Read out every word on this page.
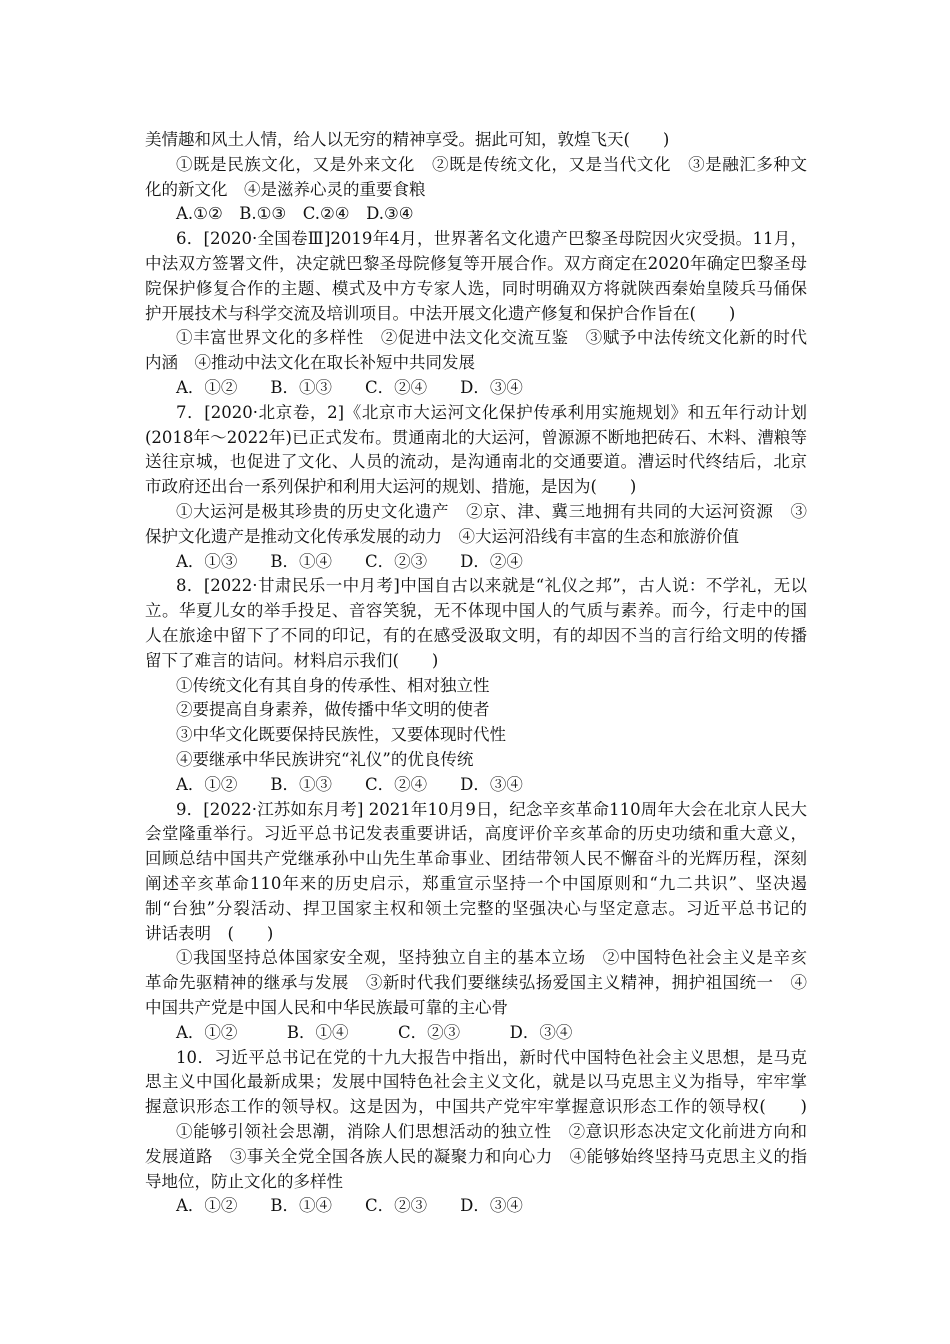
美情趣和风土人情，给人以无穷的精神享受。据此可知，敦煌飞天(　　)
①既是民族文化，又是外来文化　②既是传统文化，又是当代文化　③是融汇多种文
化的新文化　④是滋养心灵的重要食粮
A.①②　B.①③　C.②④　D.③④
6．[2020·全国卷Ⅲ]2019年4月，世界著名文化遗产巴黎圣母院因火灾受损。11月，
中法双方签署文件，决定就巴黎圣母院修复等开展合作。双方商定在2020年确定巴黎圣母
院保护修复合作的主题、模式及中方专家人选，同时明确双方将就陕西秦始皇陵兵马俑保
护开展技术与科学交流及培训项目。中法开展文化遗产修复和保护合作旨在(　　)
①丰富世界文化的多样性　②促进中法文化交流互鉴　③赋予中法传统文化新的时代
内涵　④推动中法文化在取长补短中共同发展
A．①②　　B．①③　　C．②④　　D．③④
7．[2020·北京卷，2]《北京市大运河文化保护传承利用实施规划》和五年行动计划
(2018年～2022年)已正式发布。贯通南北的大运河，曾源源不断地把砖石、木料、漕粮等
送往京城，也促进了文化、人员的流动，是沟通南北的交通要道。漕运时代终结后，北京
市政府还出台一系列保护和利用大运河的规划、措施，是因为(　　)
①大运河是极其珍贵的历史文化遗产　②京、津、冀三地拥有共同的大运河资源　③
保护文化遗产是推动文化传承发展的动力　④大运河沿线有丰富的生态和旅游价值
A．①③　　B．①④　　C．②③　　D．②④
8．[2022·甘肃民乐一中月考]中国自古以来就是“礼仪之邦”，古人说：不学礼，无以
立。华夏儿女的举手投足、音容笑貌，无不体现中国人的气质与素养。而今，行走中的国
人在旅途中留下了不同的印记，有的在感受汲取文明，有的却因不当的言行给文明的传播
留下了难言的诘问。材料启示我们(　　)
①传统文化有其自身的传承性、相对独立性
②要提高自身素养，做传播中华文明的使者
③中华文化既要保持民族性，又要体现时代性
④要继承中华民族讲究“礼仪”的优良传统
A．①②　　B．①③　　C．②④　　D．③④
9．[2022·江苏如东月考] 2021年10月9日，纪念辛亥革命110周年大会在北京人民大
会堂隆重举行。习近平总书记发表重要讲话，高度评价辛亥革命的历史功绩和重大意义，
回顾总结中国共产党继承孙中山先生革命事业、团结带领人民不懈奋斗的光辉历程，深刻
阐述辛亥革命110年来的历史启示，郑重宣示坚持一个中国原则和“九二共识”、坚决遏
制“台独”分裂活动、捍卫国家主权和领土完整的坚强决心与坚定意志。习近平总书记的
讲话表明　(　　)
①我国坚持总体国家安全观，坚持独立自主的基本立场　②中国特色社会主义是辛亥
革命先驱精神的继承与发展　③新时代我们要继续弘扬爱国主义精神，拥护祖国统一　④
中国共产党是中国人民和中华民族最可靠的主心骨
A．①②　　　B．①④　　　C．②③　　　D．③④
10．习近平总书记在党的十九大报告中指出，新时代中国特色社会主义思想，是马克
思主义中国化最新成果；发展中国特色社会主义文化，就是以马克思主义为指导，牢牢掌
握意识形态工作的领导权。这是因为，中国共产党牢牢掌握意识形态工作的领导权(　　)
①能够引领社会思潮，消除人们思想活动的独立性　②意识形态决定文化前进方向和
发展道路　③事关全党全国各族人民的凝聚力和向心力　④能够始终坚持马克思主义的指
导地位，防止文化的多样性
A．①②　　B．①④　　C．②③　　D．③④
